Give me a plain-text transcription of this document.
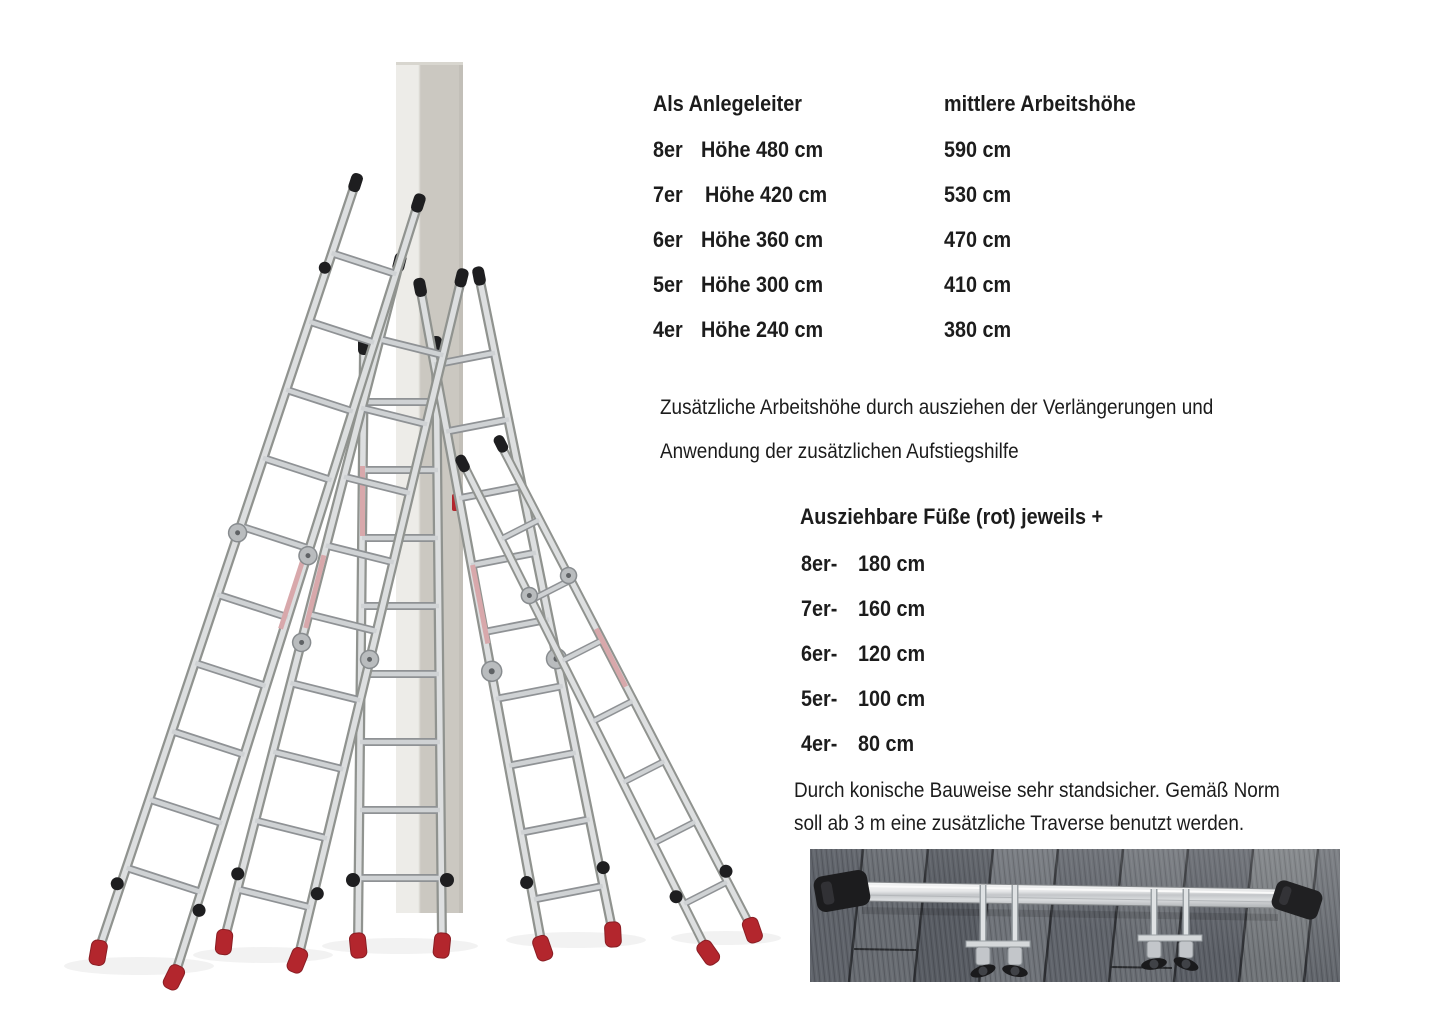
Als Anlegeleiter	mittlere Arbeitshöhe
8er Höhe 480 cm	590 cm
7er Höhe 420 cm	530 cm
6er Höhe 360 cm	470 cm
5er Höhe 300 cm	410 cm
4er Höhe 240 cm	380 cm
Zusätzliche Arbeitshöhe durch ausziehen der Verlängerungen und
Anwendung der zusätzlichen Aufstiegshilfe
Ausziehbare Füße (rot) jeweils +
8er- 180 cm
7er- 160 cm
6er- 120 cm
5er- 100 cm
4er- 80 cm
Durch konische Bauweise sehr standsicher. Gemäß Norm
soll ab 3 m eine zusätzliche Traverse benutzt werden.
